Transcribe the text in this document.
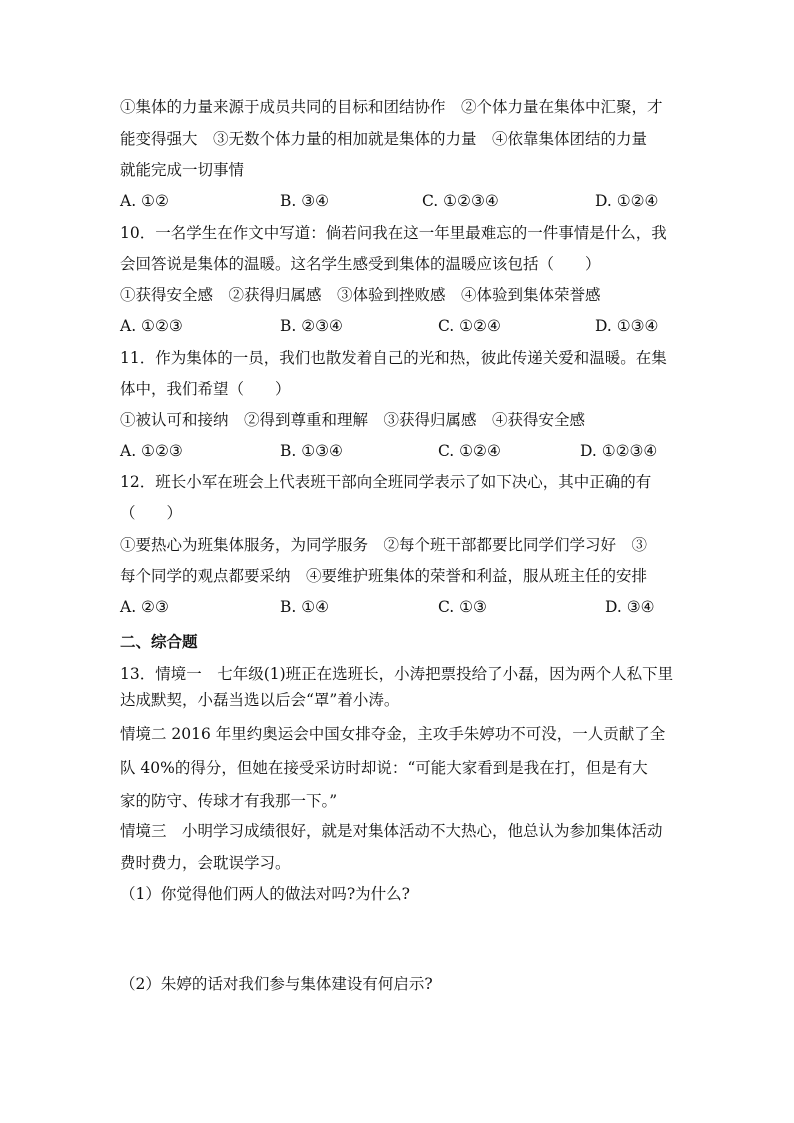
①集体的力量来源于成员共同的目标和团结协作　②个体力量在集体中汇聚，才
能变得强大　③无数个体力量的相加就是集体的力量　④依靠集体团结的力量
就能完成一切事情
A. ①②	B. ③④	C. ①②③④	D. ①②④
10．一名学生在作文中写道：倘若问我在这一年里最难忘的一件事情是什么，我
会回答说是集体的温暖。这名学生感受到集体的温暖应该包括（　　）
①获得安全感　②获得归属感　③体验到挫败感　④体验到集体荣誉感
A. ①②③	B. ②③④	C. ①②④	D. ①③④
11．作为集体的一员，我们也散发着自己的光和热，彼此传递关爱和温暖。在集
体中，我们希望（　　）
①被认可和接纳　②得到尊重和理解　③获得归属感　④获得安全感
A. ①②③	B. ①③④	C. ①②④	D. ①②③④
12．班长小军在班会上代表班干部向全班同学表示了如下决心，其中正确的有
（　　）
①要热心为班集体服务，为同学服务　②每个班干部都要比同学们学习好　③
每个同学的观点都要采纳　④要维护班集体的荣誉和利益，服从班主任的安排
A. ②③	B. ①④	C. ①③	D. ③④
二、综合题
13．情境一　七年级(1)班正在选班长，小涛把票投给了小磊，因为两个人私下里
达成默契，小磊当选以后会“罩”着小涛。
情境二 2016 年里约奥运会中国女排夺金，主攻手朱婷功不可没，一人贡献了全
队 40%的得分，但她在接受采访时却说：“可能大家看到是我在打，但是有大
家的防守、传球才有我那一下。”
情境三　小明学习成绩很好，就是对集体活动不大热心，他总认为参加集体活动
费时费力，会耽误学习。
（1）你觉得他们两人的做法对吗?为什么?
（2）朱婷的话对我们参与集体建设有何启示?
